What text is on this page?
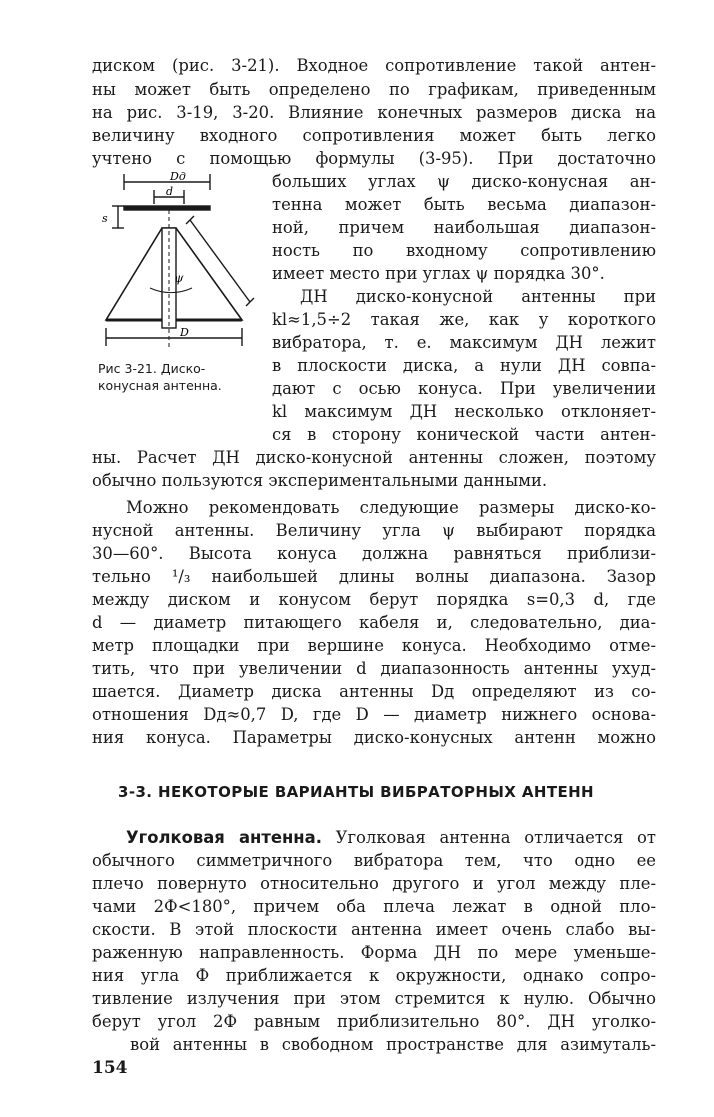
диском (рис. 3-21). Входное сопротивление такой антен-
ны может быть определено по графикам, приведенным
на рис. 3-19, 3-20. Влияние конечных размеров диска на
величину входного сопротивления может быть легко
учтено с помощью формулы (3-95). При достаточно
больших углах ψ диско-конусная ан-
тенна может быть весьма диапазон-
ной, причем наибольшая диапазон-
ность по входному сопротивлению
имеет место при углах ψ порядка 30°.
ДН диско-конусной антенны при
kl≈1,5÷2 такая же, как у короткого
вибратора, т. е. максимум ДН лежит
в плоскости диска, а нули ДН совпа-
дают с осью конуса. При увеличении
kl максимум ДН несколько отклоняет-
ся в сторону конической части антен-
Dд
d
s
ψ
D
Рис 3-21. Диско-
конусная антенна.
ны. Расчет ДН диско-конусной антенны сложен, поэтому
обычно пользуются экспериментальными данными.
Можно рекомендовать следующие размеры диско-ко-
нусной антенны. Величину угла ψ выбирают порядка
30—60°. Высота конуса должна равняться приблизи-
тельно ¹/₃ наибольшей длины волны диапазона. Зазор
между диском и конусом берут порядка s=0,3 d, где
d — диаметр питающего кабеля и, следовательно, диа-
метр площадки при вершине конуса. Необходимо отме-
тить, что при увеличении d диапазонность антенны ухуд-
шается. Диаметр диска антенны Dд определяют из со-
отношения Dд≈0,7 D, где D — диаметр нижнего основа-
ния конуса. Параметры диско-конусных антенн можно
3-3. НЕКОТОРЫЕ ВАРИАНТЫ ВИБРАТОРНЫХ АНТЕНН
Уголковая антенна. Уголковая антенна отличается от
обычного симметричного вибратора тем, что одно ее
плечо повернуто относительно другого и угол между пле-
чами 2Ф<180°, причем оба плеча лежат в одной пло-
скости. В этой плоскости антенна имеет очень слабо вы-
раженную направленность. Форма ДН по мере уменьше-
ния угла Ф приближается к окружности, однако сопро-
тивление излучения при этом стремится к нулю. Обычно
берут угол 2Ф равным приблизительно 80°. ДН уголко-
вой антенны в свободном пространстве для азимуталь-
154
